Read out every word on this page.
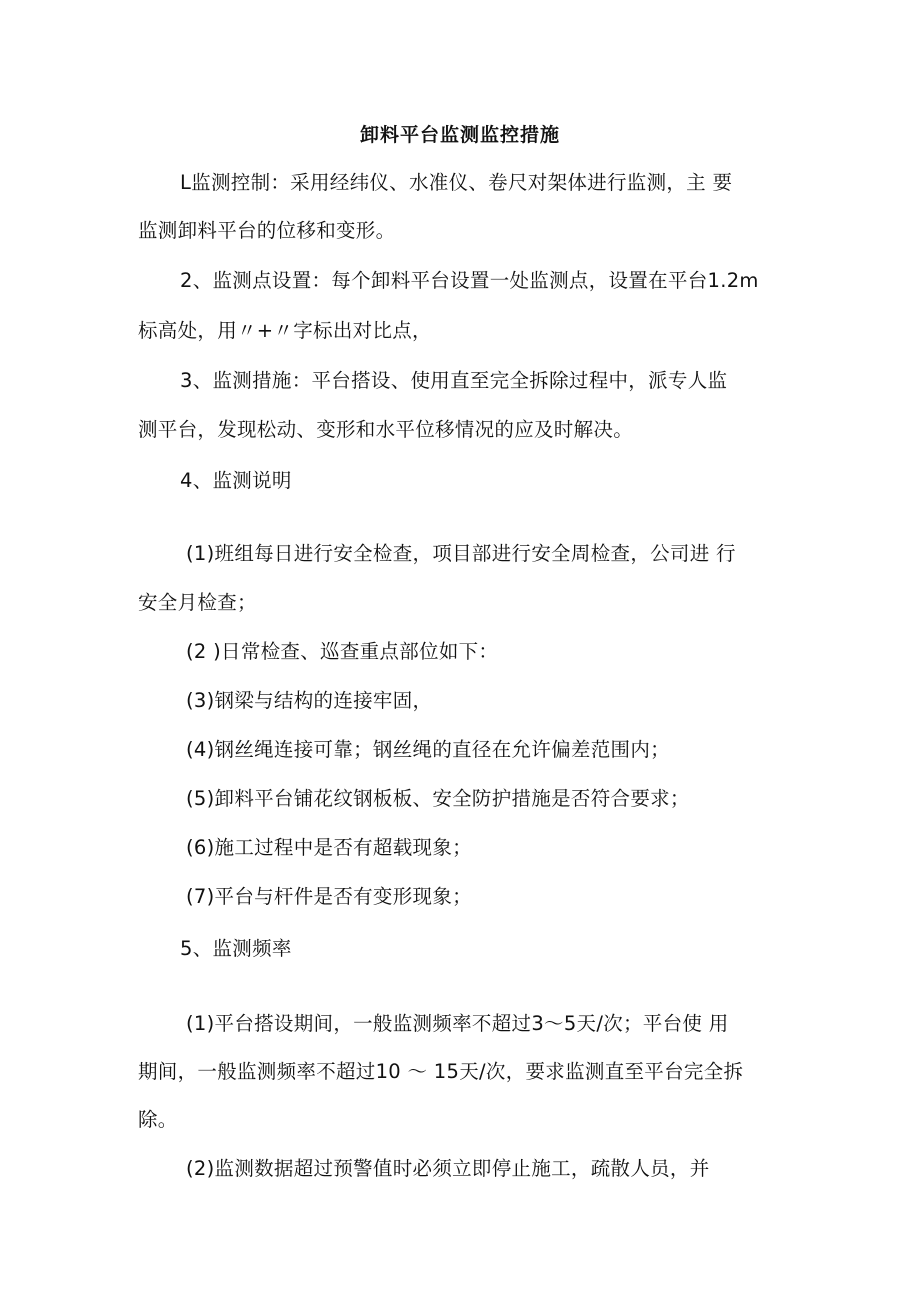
卸料平台监测监控措施
L监测控制：采用经纬仪、水准仪、卷尺对架体进行监测，主 要
监测卸料平台的位移和变形。
2、监测点设置：每个卸料平台设置一处监测点，设置在平台1.2m
标高处，用〃+〃字标出对比点，
3、监测措施：平台搭设、使用直至完全拆除过程中，派专人监
测平台，发现松动、变形和水平位移情况的应及时解决。
4、监测说明
(1)班组每日进行安全检查，项目部进行安全周检查，公司进 行
安全月检查；
(2 )日常检查、巡查重点部位如下：
(3)钢梁与结构的连接牢固，
(4)钢丝绳连接可靠；钢丝绳的直径在允许偏差范围内；
(5)卸料平台铺花纹钢板板、安全防护措施是否符合要求；
(6)施工过程中是否有超载现象；
(7)平台与杆件是否有变形现象；
5、监测频率
(1)平台搭设期间，一般监测频率不超过3～5天/次；平台使 用
期间，一般监测频率不超过10 ～ 15天/次，要求监测直至平台完全拆
除。
(2)监测数据超过预警值时必须立即停止施工，疏散人员，并
